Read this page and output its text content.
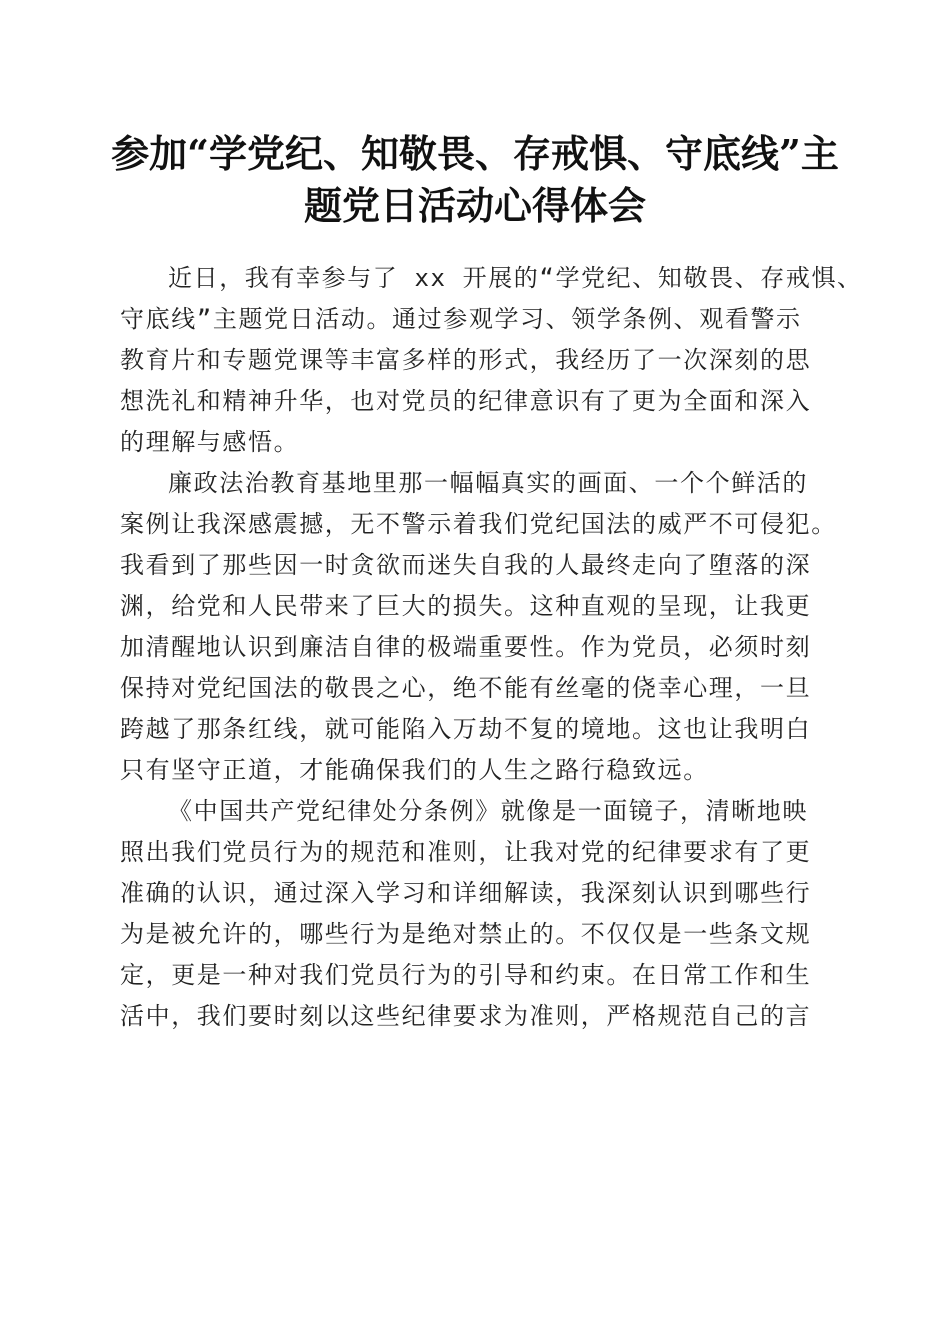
参加“学党纪、知敬畏、存戒惧、守底线”主
题党日活动心得体会
近日，我有幸参与了 xx 开展的“学党纪、知敬畏、存戒惧、
守底线”主题党日活动。通过参观学习、领学条例、观看警示
教育片和专题党课等丰富多样的形式，我经历了一次深刻的思
想洗礼和精神升华，也对党员的纪律意识有了更为全面和深入
的理解与感悟。
廉政法治教育基地里那一幅幅真实的画面、一个个鲜活的
案例让我深感震撼，无不警示着我们党纪国法的威严不可侵犯。
我看到了那些因一时贪欲而迷失自我的人最终走向了堕落的深
渊，给党和人民带来了巨大的损失。这种直观的呈现，让我更
加清醒地认识到廉洁自律的极端重要性。作为党员，必须时刻
保持对党纪国法的敬畏之心，绝不能有丝毫的侥幸心理，一旦
跨越了那条红线，就可能陷入万劫不复的境地。这也让我明白
只有坚守正道，才能确保我们的人生之路行稳致远。
《中国共产党纪律处分条例》就像是一面镜子，清晰地映
照出我们党员行为的规范和准则，让我对党的纪律要求有了更
准确的认识，通过深入学习和详细解读，我深刻认识到哪些行
为是被允许的，哪些行为是绝对禁止的。不仅仅是一些条文规
定，更是一种对我们党员行为的引导和约束。在日常工作和生
活中，我们要时刻以这些纪律要求为准则，严格规范自己的言
